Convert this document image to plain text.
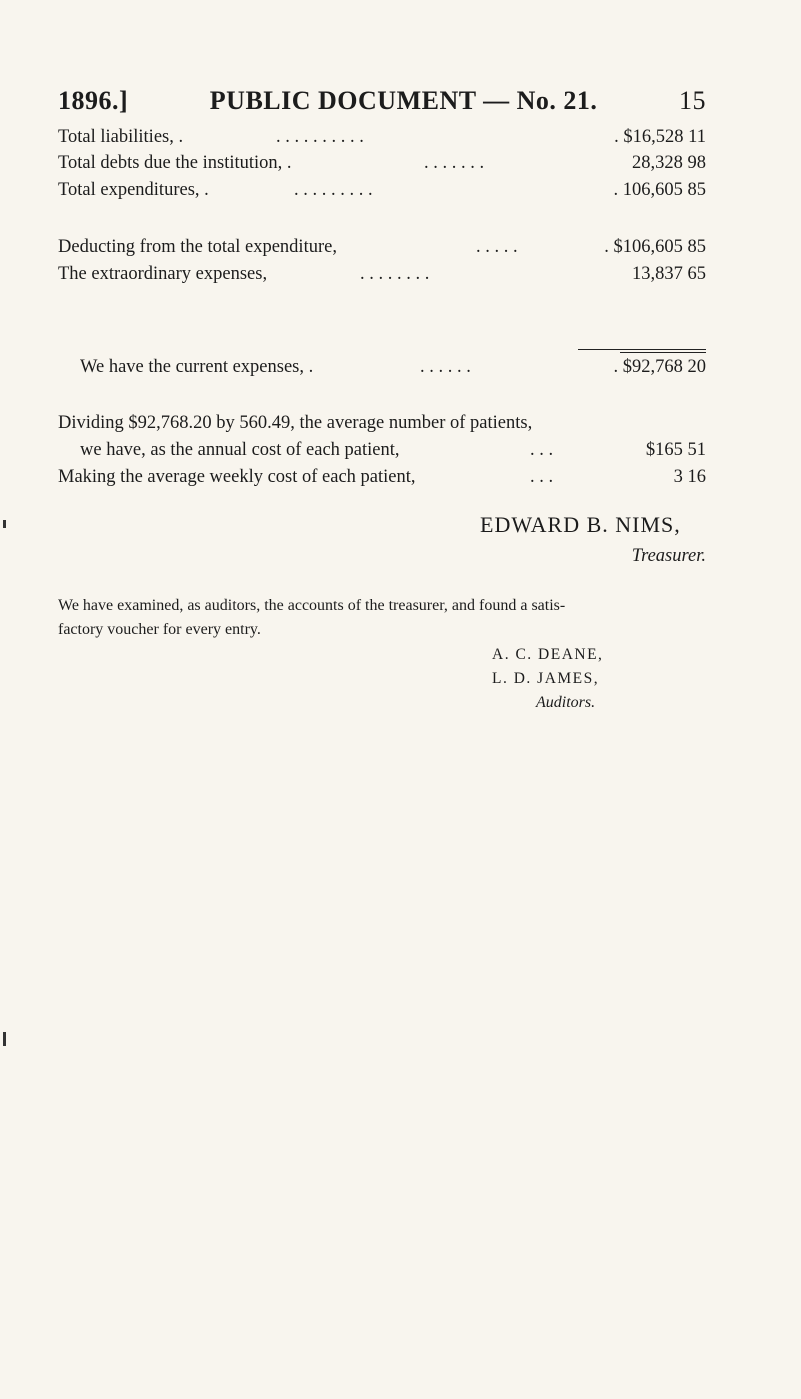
1896.]	PUBLIC DOCUMENT — No. 21.	15
Total liabilities, .	. . . . . . . . . .	. $16,528 11
Total debts due the institution, .	. . . . . . .	28,328 98
Total expenditures, .	. . . . . . . . .	. 106,605 85
Deducting from the total expenditure,	. . . . .	. $106,605 85
The extraordinary expenses,	. . . . . . . .	13,837 65
We have the current expenses, .	. . . . . .	. $92,768 20
Dividing $92,768.20 by 560.49, the average number of patients,
we have, as the annual cost of each patient,	. . .	$165 51
Making the average weekly cost of each patient,	. . .	3 16
EDWARD B. NIMS,
Treasurer.
We have examined, as auditors, the accounts of the treasurer, and found a satis-
factory voucher for every entry.
A. C. DEANE,
L. D. JAMES,
Auditors.
